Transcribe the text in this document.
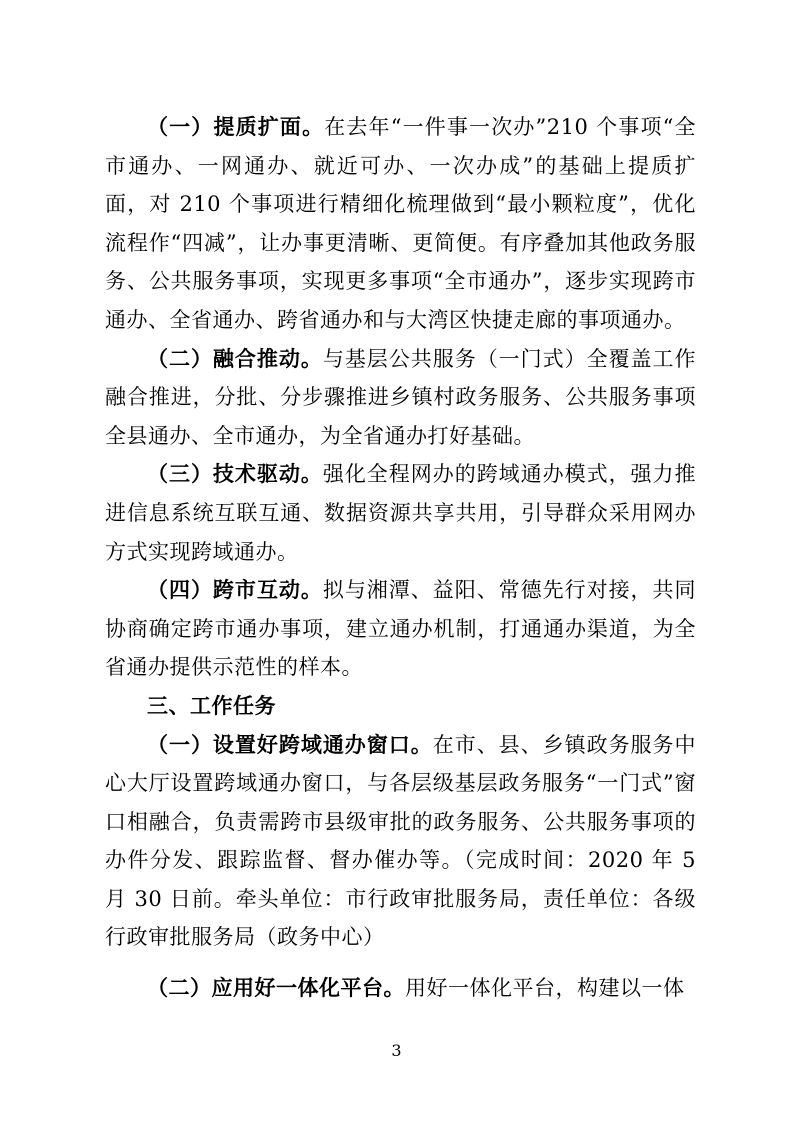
（一）提质扩面。在去年“一件事一次办”210 个事项“全市通办、一网通办、就近可办、一次办成”的基础上提质扩面，对 210 个事项进行精细化梳理做到“最小颗粒度”，优化流程作“四减”，让办事更清晰、更简便。有序叠加其他政务服务、公共服务事项，实现更多事项“全市通办”，逐步实现跨市通办、全省通办、跨省通办和与大湾区快捷走廊的事项通办。

（二）融合推动。与基层公共服务（一门式）全覆盖工作融合推进，分批、分步骤推进乡镇村政务服务、公共服务事项全县通办、全市通办，为全省通办打好基础。

（三）技术驱动。强化全程网办的跨域通办模式，强力推进信息系统互联互通、数据资源共享共用，引导群众采用网办方式实现跨域通办。

（四）跨市互动。拟与湘潭、益阳、常德先行对接，共同协商确定跨市通办事项，建立通办机制，打通通办渠道，为全省通办提供示范性的样本。

三、工作任务

（一）设置好跨域通办窗口。在市、县、乡镇政务服务中心大厅设置跨域通办窗口，与各层级基层政务服务“一门式”窗口相融合，负责需跨市县级审批的政务服务、公共服务事项的办件分发、跟踪监督、督办催办等。（完成时间：2020 年 5 月 30 日前。牵头单位：市行政审批服务局，责任单位：各级行政审批服务局（政务中心）

（二）应用好一体化平台。用好一体化平台，构建以一体

3
